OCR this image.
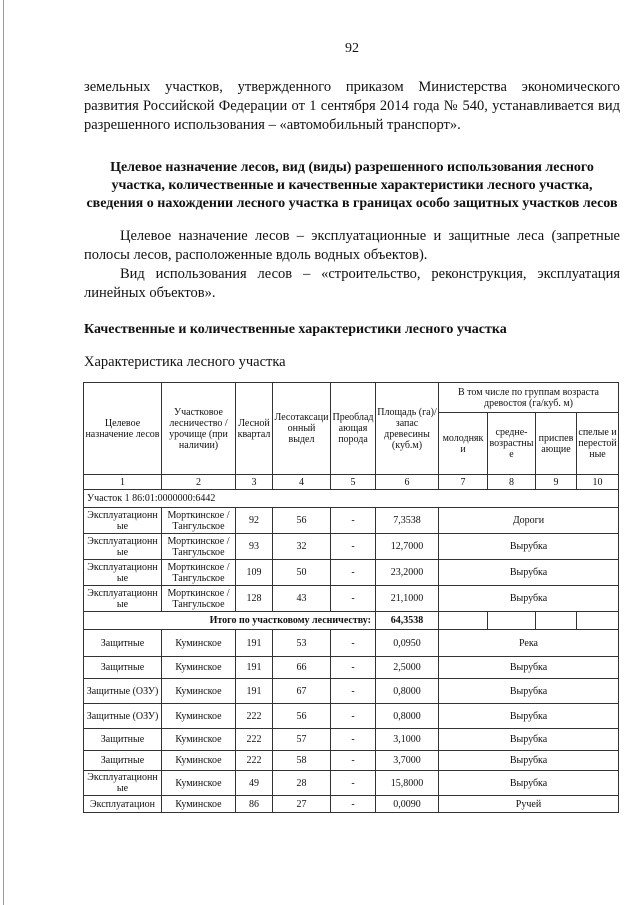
92
земельных участков, утвержденного приказом Министерства экономического развития Российской Федерации от 1 сентября 2014 года № 540, устанавливается вид разрешенного использования – «автомобильный транспорт».
Целевое назначение лесов, вид (виды) разрешенного использования лесного участка, количественные и качественные характеристики лесного участка, сведения о нахождении лесного участка в границах особо защитных участков лесов
Целевое назначение лесов – эксплуатационные и защитные леса (запретные полосы лесов, расположенные вдоль водных объектов).
Вид использования лесов – «строительство, реконструкция, эксплуатация линейных объектов».
Качественные и количественные характеристики лесного участка
Характеристика лесного участка
Целевое назначение лесов	Участковое лесничество / урочище (при наличии)	Лесной квартал	Лесотаксационный выдел	Преобладающая порода	Площадь (га)/ запас древесины (куб.м)	В том числе по группам возраста древостоя (га/куб. м)			
						молодняки	средне-возрастные	приспевающие	спелые и перестойные
1	2	3	4	5	6	7	8	9	10
Участок 1 86:01:0000000:6442									
Эксплуатационные	Морткинское / Тангульское	92	56	-	7,3538	Дороги			
Эксплуатационные	Морткинское / Тангульское	93	32	-	12,7000	Вырубка			
Эксплуатационные	Морткинское / Тангульское	109	50	-	23,2000	Вырубка			
Эксплуатационные	Морткинское / Тангульское	128	43	-	21,1000	Вырубка			
Итого по участковому лесничеству:					64,3538				
Защитные	Куминское	191	53	-	0,0950	Река			
Защитные	Куминское	191	66	-	2,5000	Вырубка			
Защитные (ОЗУ)	Куминское	191	67	-	0,8000	Вырубка			
Защитные (ОЗУ)	Куминское	222	56	-	0,8000	Вырубка			
Защитные	Куминское	222	57	-	3,1000	Вырубка			
Защитные	Куминское	222	58	-	3,7000	Вырубка			
Эксплуатационные	Куминское	49	28	-	15,8000	Вырубка			
Эксплуатацион	Куминское	86	27	-	0,0090	Ручей			
